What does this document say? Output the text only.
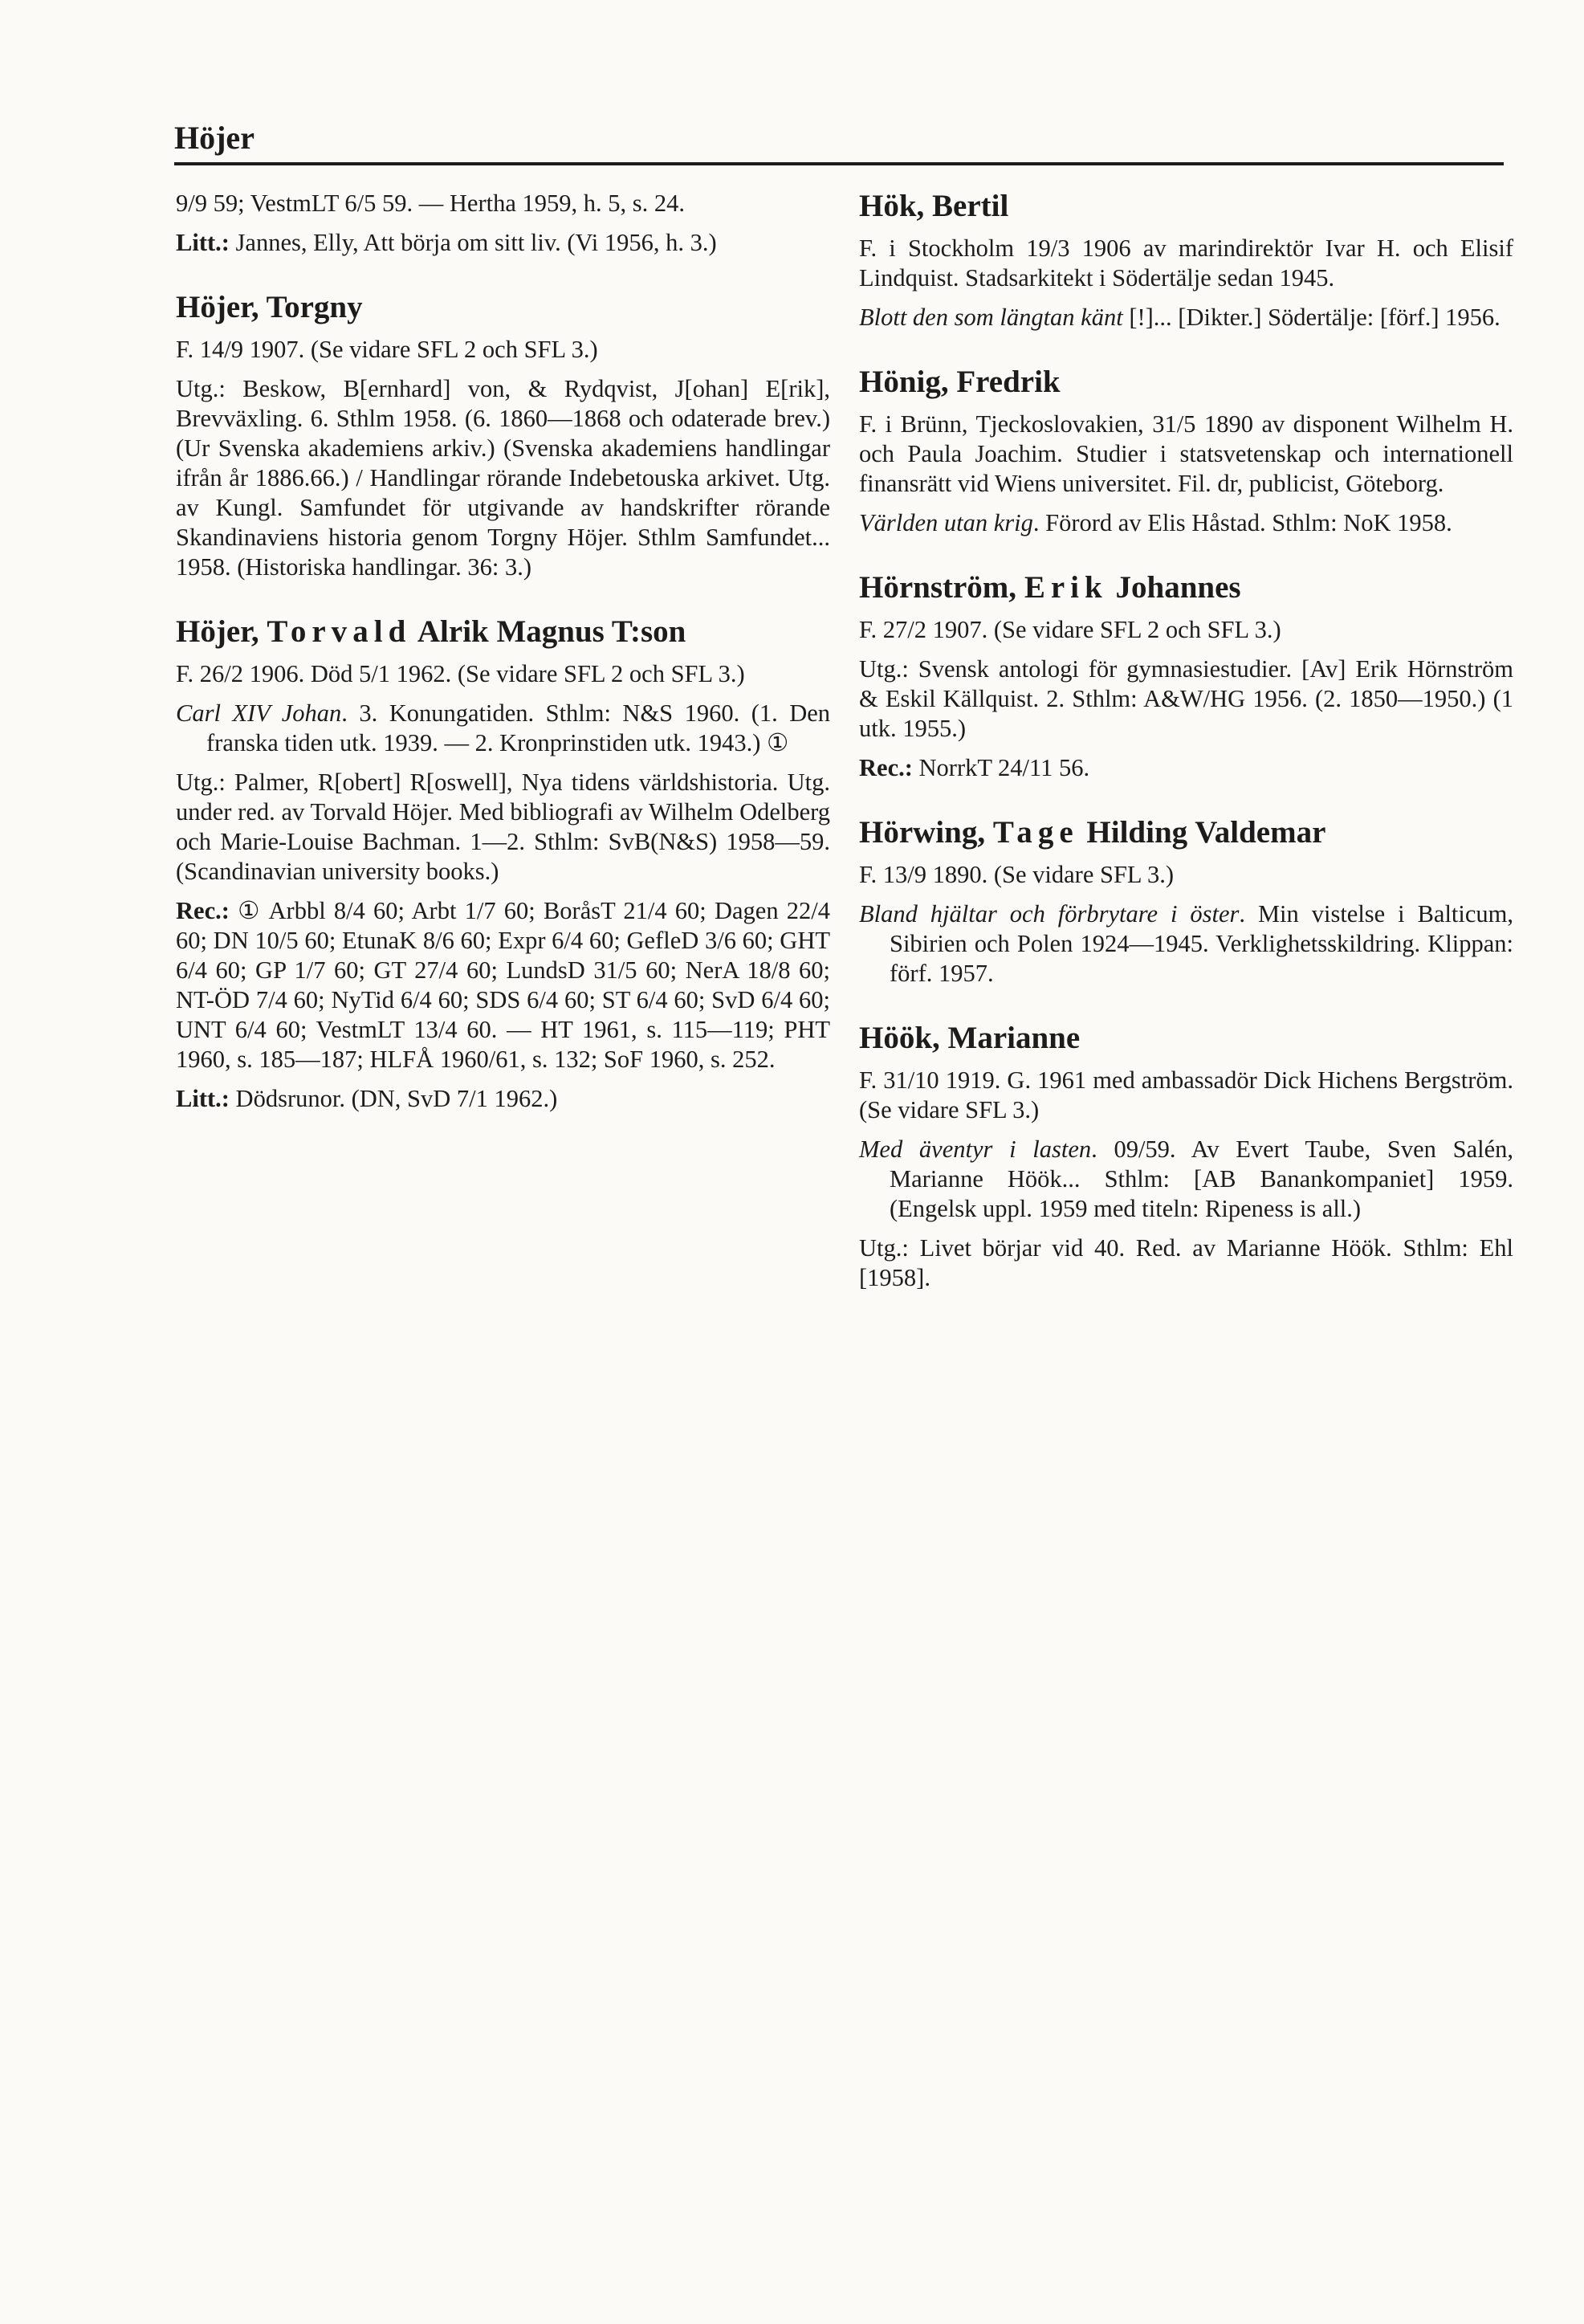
Höjer

9/9 59; VestmLT 6/5 59. — Hertha 1959, h. 5, s. 24.

Litt.: Jannes, Elly, Att börja om sitt liv. (Vi 1956, h. 3.)

Höjer, Torgny

F. 14/9 1907. (Se vidare SFL 2 och SFL 3.)

Utg.: Beskow, B[ernhard] von, & Rydqvist, J[ohan] E[rik], Brevväxling. 6. Sthlm 1958. (6. 1860—1868 och odaterade brev.) (Ur Svenska akademiens arkiv.) (Svenska akademiens handlingar ifrån år 1886.66.) / Handlingar rörande Indebetouska arkivet. Utg. av Kungl. Samfundet för utgivande av handskrifter rörande Skandinaviens historia genom Torgny Höjer. Sthlm Samfundet... 1958. (Historiska handlingar. 36: 3.)

Höjer, Torvald Alrik Magnus T:son

F. 26/2 1906. Död 5/1 1962. (Se vidare SFL 2 och SFL 3.)

Carl XIV Johan. 3. Konungatiden. Sthlm: N&S 1960. (1. Den franska tiden utk. 1939. — 2. Kronprinstiden utk. 1943.) ①

Utg.: Palmer, R[obert] R[oswell], Nya tidens världshistoria. Utg. under red. av Torvald Höjer. Med bibliografi av Wilhelm Odelberg och Marie-Louise Bachman. 1—2. Sthlm: SvB(N&S) 1958—59. (Scandinavian university books.)

Rec.: ① Arbbl 8/4 60; Arbt 1/7 60; BoråsT 21/4 60; Dagen 22/4 60; DN 10/5 60; EtunaK 8/6 60; Expr 6/4 60; GefleD 3/6 60; GHT 6/4 60; GP 1/7 60; GT 27/4 60; LundsD 31/5 60; NerA 18/8 60; NT-ÖD 7/4 60; NyTid 6/4 60; SDS 6/4 60; ST 6/4 60; SvD 6/4 60; UNT 6/4 60; VestmLT 13/4 60. — HT 1961, s. 115—119; PHT 1960, s. 185—187; HLFÅ 1960/61, s. 132; SoF 1960, s. 252.

Litt.: Dödsrunor. (DN, SvD 7/1 1962.)

Hök, Bertil

F. i Stockholm 19/3 1906 av marindirektör Ivar H. och Elisif Lindquist. Stadsarkitekt i Södertälje sedan 1945.

Blott den som längtan känt [!]... [Dikter.] Södertälje: [förf.] 1956.

Hönig, Fredrik

F. i Brünn, Tjeckoslovakien, 31/5 1890 av disponent Wilhelm H. och Paula Joachim. Studier i statsvetenskap och internationell finansrätt vid Wiens universitet. Fil. dr, publicist, Göteborg.

Världen utan krig. Förord av Elis Håstad. Sthlm: NoK 1958.

Hörnström, Erik Johannes

F. 27/2 1907. (Se vidare SFL 2 och SFL 3.)

Utg.: Svensk antologi för gymnasiestudier. [Av] Erik Hörnström & Eskil Källquist. 2. Sthlm: A&W/HG 1956. (2. 1850—1950.) (1 utk. 1955.)

Rec.: NorrkT 24/11 56.

Hörwing, Tage Hilding Valdemar

F. 13/9 1890. (Se vidare SFL 3.)

Bland hjältar och förbrytare i öster. Min vistelse i Balticum, Sibirien och Polen 1924—1945. Verklighetsskildring. Klippan: förf. 1957.

Höök, Marianne

F. 31/10 1919. G. 1961 med ambassadör Dick Hichens Bergström. (Se vidare SFL 3.)

Med äventyr i lasten. 09/59. Av Evert Taube, Sven Salén, Marianne Höök... Sthlm: [AB Banankompaniet] 1959. (Engelsk uppl. 1959 med titeln: Ripeness is all.)

Utg.: Livet börjar vid 40. Red. av Marianne Höök. Sthlm: Ehl [1958].
